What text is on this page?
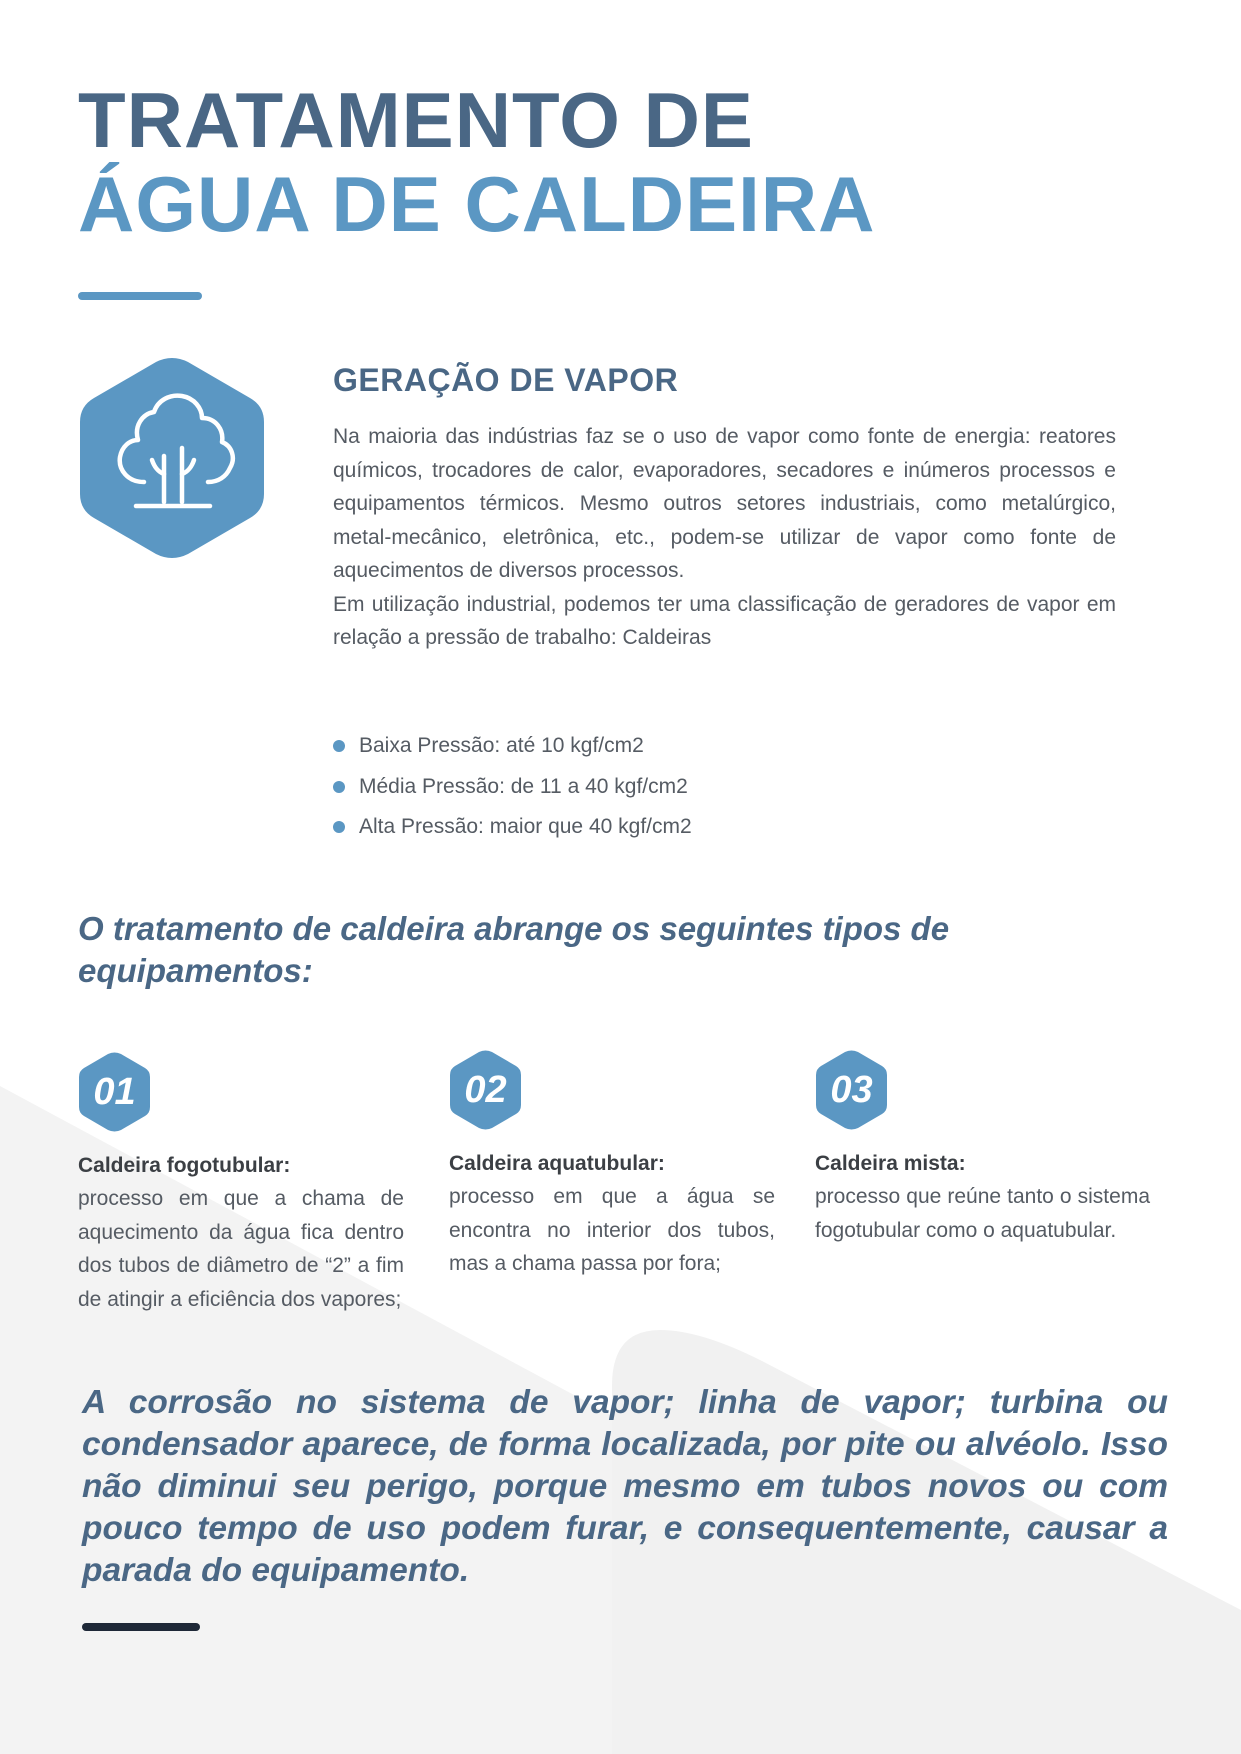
TRATAMENTO DE
ÁGUA DE CALDEIRA
GERAÇÃO DE VAPOR

Na maioria das indústrias faz se o uso de vapor como fonte de energia: reatores químicos, trocadores de calor, evaporadores, secadores e inúmeros processos e equipamentos térmicos. Mesmo outros setores industriais, como metalúrgico, metal-mecânico, eletrônica, etc., podem-se utilizar de vapor como fonte de aquecimentos de diversos processos.

Em utilização industrial, podemos ter uma classificação de geradores de vapor em relação a pressão de trabalho: Caldeiras

Baixa Pressão: até 10 kgf/cm2
Média Pressão: de 11 a 40 kgf/cm2
Alta Pressão: maior que 40 kgf/cm2
O tratamento de caldeira abrange os seguintes tipos de equipamentos:
01
Caldeira fogotubular:

processo em que a chama de aquecimento da água fica dentro dos tubos de diâmetro de “2” a fim de atingir a eficiência dos vapores;

02
Caldeira aquatubular:

processo em que a água se encontra no interior dos tubos, mas a chama passa por fora;

03
Caldeira mista:

processo que reúne tanto o sistema fogotubular como o aquatubular.

A corrosão no sistema de vapor; linha de vapor; turbina ou condensador aparece, de forma localizada, por pite ou alvéolo. Isso não diminui seu perigo, porque mesmo em tubos novos ou com pouco tempo de uso podem furar, e consequentemente, causar a parada do equipamento.
